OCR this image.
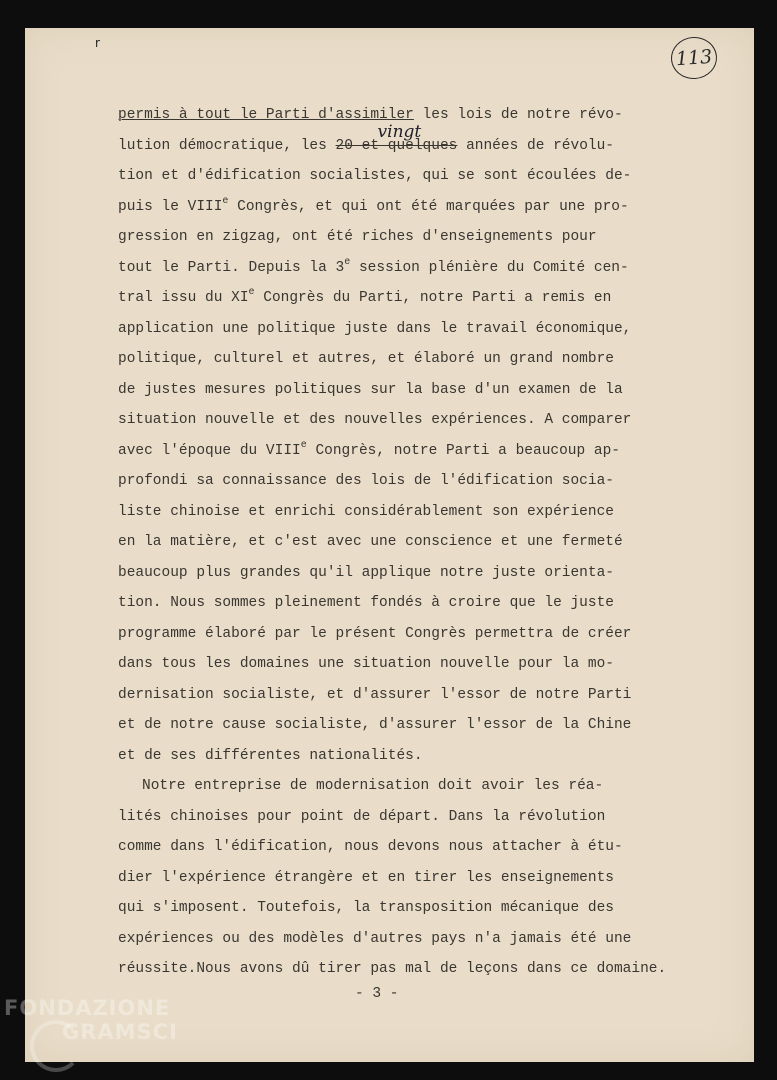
r
113
permis à tout le Parti d'assimiler les lois de notre révo-
lution démocratique, les
vingt
20 et quelques années de révolu-
tion et d'édification socialistes, qui se sont écoulées de-
puis le VIIIe Congrès, et qui ont été marquées par une pro-
gression en zigzag, ont été riches d'enseignements pour
tout le Parti. Depuis la 3e session plénière du Comité cen-
tral issu du XIe Congrès du Parti, notre Parti a remis en
application une politique juste dans le travail économique,
politique, culturel et autres, et élaboré un grand nombre
de justes mesures politiques sur la base d'un examen de la
situation nouvelle et des nouvelles expériences. A comparer
avec l'époque du VIIIe Congrès, notre Parti a beaucoup ap-
profondi sa connaissance des lois de l'édification socia-
liste chinoise et enrichi considérablement son expérience
en la matière, et c'est avec une conscience et une fermeté
beaucoup plus grandes qu'il applique notre juste orienta-
tion. Nous sommes pleinement fondés à croire que le juste
programme élaboré par le présent Congrès permettra de créer
dans tous les domaines une situation nouvelle pour la mo-
dernisation socialiste, et d'assurer l'essor de notre Parti
et de notre cause socialiste, d'assurer l'essor de la Chine
et de ses différentes nationalités.
Notre entreprise de modernisation doit avoir les réa-
lités chinoises pour point de départ. Dans la révolution
comme dans l'édification, nous devons nous attacher à étu-
dier l'expérience étrangère et en tirer les enseignements
qui s'imposent. Toutefois, la transposition mécanique des
expériences ou des modèles d'autres pays n'a jamais été une
réussite.Nous avons dû tirer pas mal de leçons dans ce domaine.
- 3 -
FONDAZIONE
GRAMSCI
